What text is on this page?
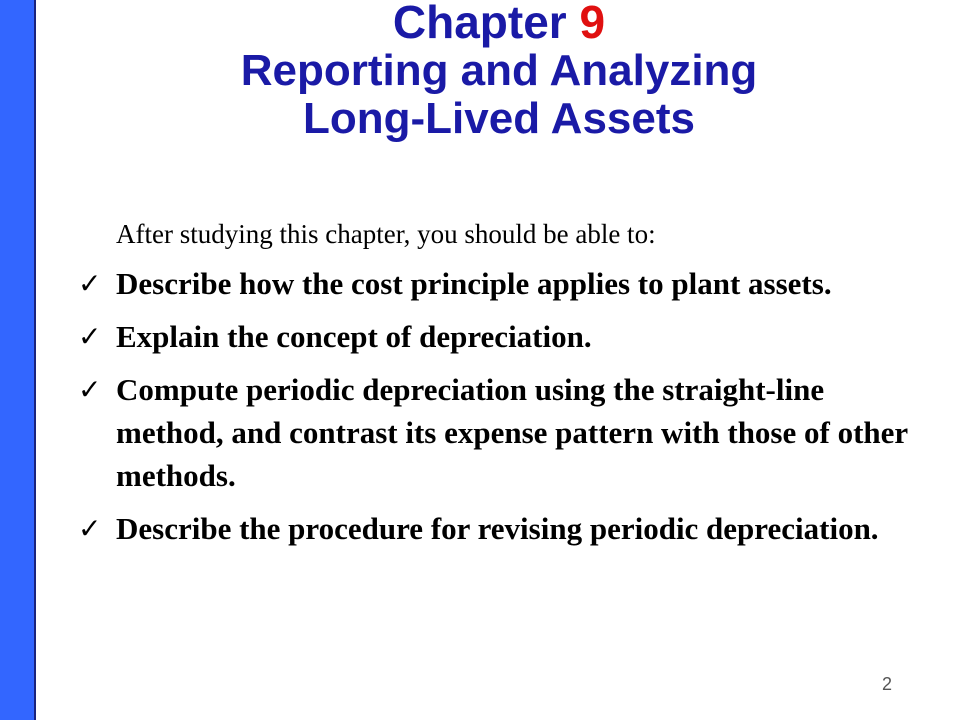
Chapter 9
Reporting and Analyzing
Long-Lived Assets
After studying this chapter, you should be able to:
✓ Describe how the cost principle applies to plant assets.
✓ Explain the concept of depreciation.
✓ Compute periodic depreciation using the straight-line method, and contrast its expense pattern with those of other methods.
✓ Describe the procedure for revising periodic depreciation.
2
